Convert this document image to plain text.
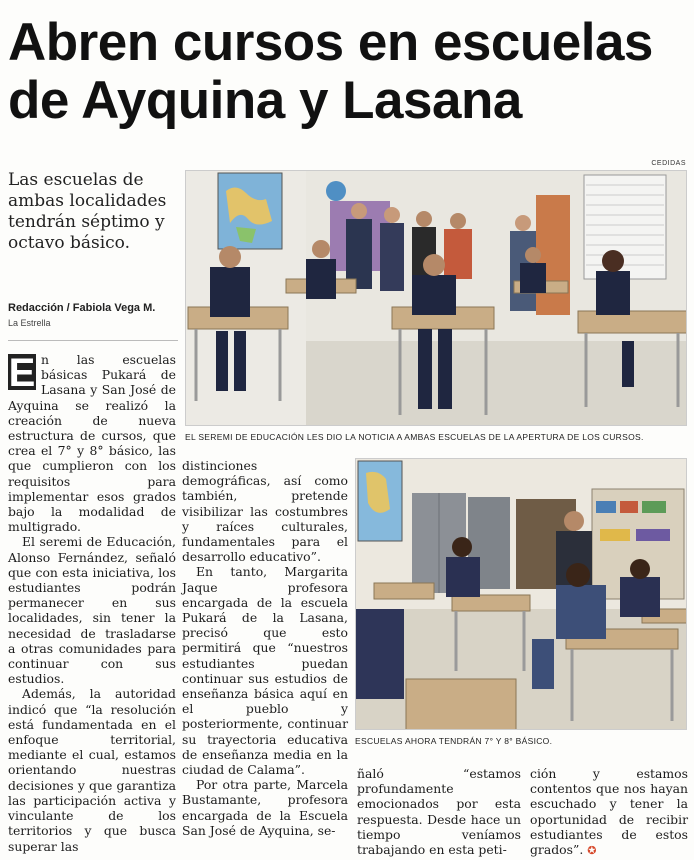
Abren cursos en escuelas de Ayquina y Lasana
CEDIDAS
Las escuelas de ambas localidades tendrán séptimo y octavo básico.
Redacción / Fabiola Vega M.
La Estrella
EL SEREMI DE EDUCACIÓN LES DIO LA NOTICIA A AMBAS ESCUELAS DE LA APERTURA DE LOS CURSOS.
ESCUELAS AHORA TENDRÁN 7° Y 8° BÁSICO.

E n las escuelas básicas Pukará de Lasana y San José de Ayquina se realizó la creación de nueva estructura de cursos, que crea el 7° y 8° básico, las que cumplieron con los requisitos para implementar esos grados bajo la modalidad de multigrado.

El seremi de Educación, Alonso Fernández, señaló que con esta iniciativa, los estudiantes podrán permanecer en sus localidades, sin tener la necesidad de trasladarse a otras comunidades para continuar con sus estudios.

Además, la autoridad indicó que “la resolución está fundamentada en el enfoque territorial, mediante el cual, estamos orientando nuestras decisiones y que garantiza las participación activa y vinculante de los territorios y que busca superar las

distinciones demográficas, así como también, pretende visibilizar las costumbres y raíces culturales, fundamentales para el desarrollo educativo”.

En tanto, Margarita Jaque profesora encargada de la escuela Pukará de la Lasana, precisó que esto permitirá que “nuestros estudiantes puedan continuar sus estudios de enseñanza básica aquí en el pueblo y posteriormente, continuar su trayectoria educativa de enseñanza media en la ciudad de Calama”.

Por otra parte, Marcela Bustamante, profesora encargada de la Escuela San José de Ayquina, se-

ñaló “estamos profundamente emocionados por esta respuesta. Desde hace un tiempo veníamos trabajando en esta peti-

ción y estamos contentos que nos hayan escuchado y tener la oportunidad de recibir estudiantes de estos grados”. ✪
